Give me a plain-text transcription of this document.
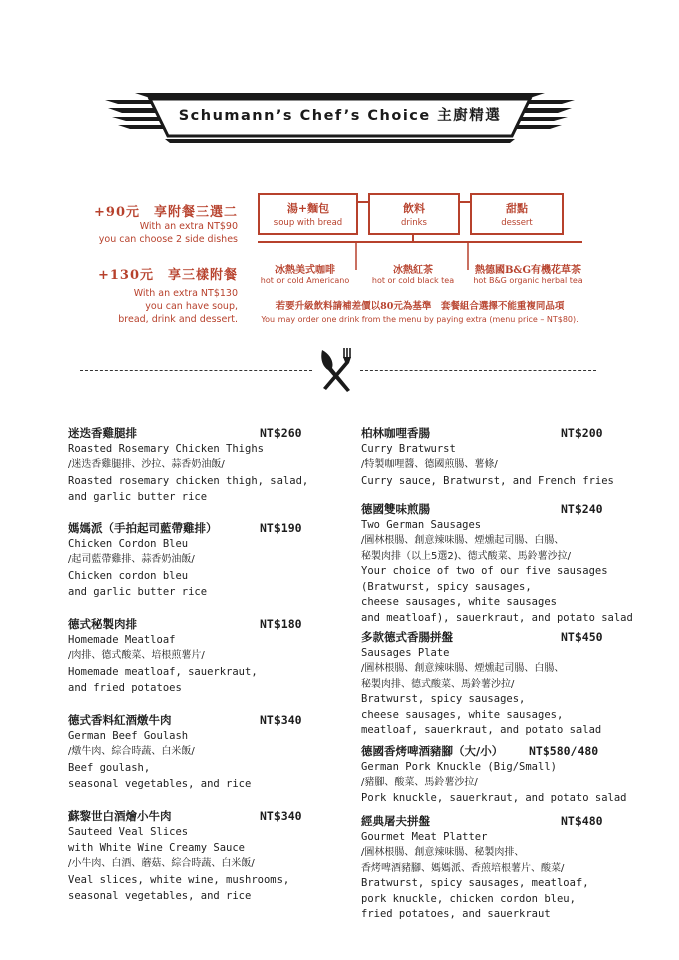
Schumann’s Chef’s Choice 主廚精選
+90元　享附餐三選二
With an extra NT$90
you can choose 2 side dishes
+130元　享三樣附餐
With an extra NT$130
you can have soup,
bread, drink and dessert.
湯+麵包
soup with bread
飲料
drinks
甜點
dessert
冰熱美式咖啡
hot or cold Americano
冰熱紅茶
hot or cold black tea
熱德國B&G有機花草茶
hot B&G organic herbal tea
若要升級飲料請補差價以80元為基準　套餐組合選擇不能重複同品項
You may order one drink from the menu by paying extra (menu price – NT$80).
迷迭香雞腿排	NT$260
Roasted Rosemary Chicken Thighs
/迷迭香雞腿排、沙拉、蒜香奶油飯/
Roasted rosemary chicken thigh, salad,
and garlic butter rice
媽媽派（手拍起司藍帶雞排）	NT$190
Chicken Cordon Bleu
/起司藍帶雞排、蒜香奶油飯/
Chicken cordon bleu
and garlic butter rice
德式秘製肉排	NT$180
Homemade Meatloaf
/肉排、德式酸菜、培根煎薯片/
Homemade meatloaf, sauerkraut,
and fried potatoes
德式香料紅酒燉牛肉	NT$340
German Beef Goulash
/燉牛肉、綜合時蔬、白米飯/
Beef goulash,
seasonal vegetables, and rice
蘇黎世白酒燴小牛肉	NT$340
Sauteed Veal Slices
with White Wine Creamy Sauce
/小牛肉、白酒、蘑菇、綜合時蔬、白米飯/
Veal slices, white wine, mushrooms,
seasonal vegetables, and rice
柏林咖哩香腸	NT$200
Curry Bratwurst
/特製咖哩醬、德國煎腸、薯條/
Curry sauce, Bratwurst, and French fries
德國雙味煎腸	NT$240
Two German Sausages
/圖林根腸、創意辣味腸、煙燻起司腸、白腸、
秘製肉排（以上5選2)、德式酸菜、馬鈴薯沙拉/
Your choice of two of our five sausages
(Bratwurst, spicy sausages,
cheese sausages, white sausages
and meatloaf), sauerkraut, and potato salad
多款德式香腸拼盤	NT$450
Sausages Plate
/圖林根腸、創意辣味腸、煙燻起司腸、白腸、
秘製肉排、德式酸菜、馬鈴薯沙拉/
Bratwurst, spicy sausages,
cheese sausages, white sausages,
meatloaf, sauerkraut, and potato salad
德國香烤啤酒豬腳（大/小）	NT$580/480
German Pork Knuckle (Big/Small)
/豬腳、酸菜、馬鈴薯沙拉/
Pork knuckle, sauerkraut, and potato salad
經典屠夫拼盤	NT$480
Gourmet Meat Platter
/圖林根腸、創意辣味腸、秘製肉排、
香烤啤酒豬腳、媽媽派、香煎培根薯片、酸菜/
Bratwurst, spicy sausages, meatloaf,
pork knuckle, chicken cordon bleu,
fried potatoes, and sauerkraut
